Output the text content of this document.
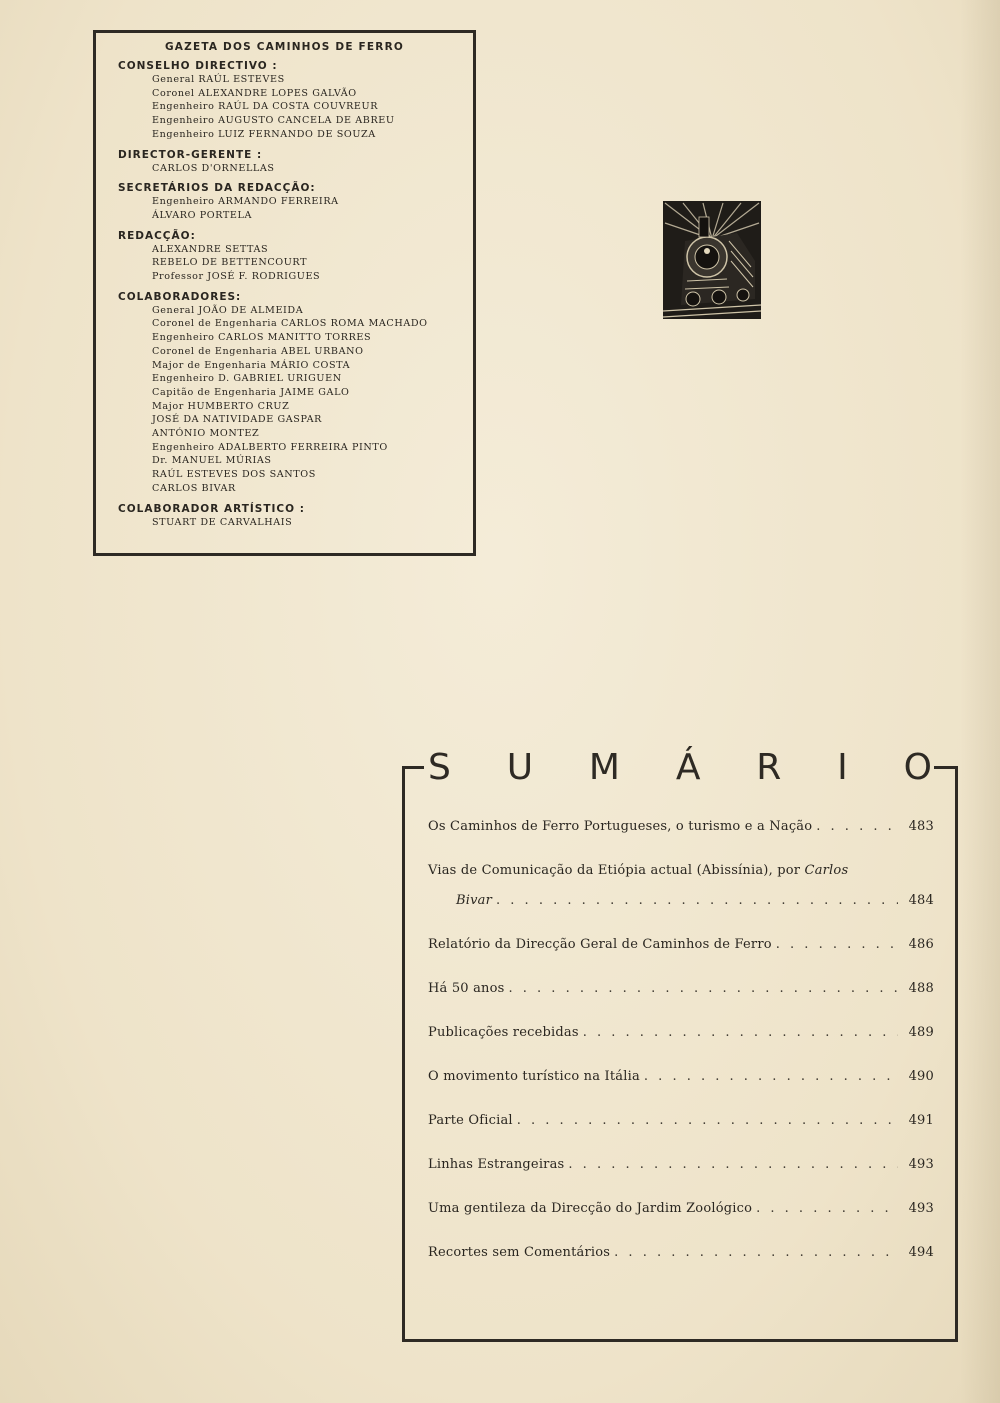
GAZETA DOS CAMINHOS DE FERRO
CONSELHO DIRECTIVO :
General RAÚL ESTEVES
Coronel ALEXANDRE LOPES GALVÃO
Engenheiro RAÚL DA COSTA COUVREUR
Engenheiro AUGUSTO CANCELA DE ABREU
Engenheiro LUIZ FERNANDO DE SOUZA
DIRECTOR-GERENTE :
CARLOS D'ORNELLAS
SECRETÁRIOS DA REDACÇÃO:
Engenheiro ARMANDO FERREIRA
ÁLVARO PORTELA
REDACÇÃO:
ALEXANDRE SETTAS
REBELO DE BETTENCOURT
Professor JOSÉ F. RODRIGUES
COLABORADORES:
General JOÃO DE ALMEIDA
Coronel de Engenharia CARLOS ROMA MACHADO
Engenheiro CARLOS MANITTO TORRES
Coronel de Engenharia ABEL URBANO
Major de Engenharia MÁRIO COSTA
Engenheiro D. GABRIEL URIGUEN
Capitão de Engenharia JAIME GALO
Major HUMBERTO CRUZ
JOSÉ DA NATIVIDADE GASPAR
ANTÓNIO MONTEZ
Engenheiro ADALBERTO FERREIRA PINTO
Dr. MANUEL MÚRIAS
RAÚL ESTEVES DOS SANTOS
CARLOS BIVAR
COLABORADOR ARTÍSTICO :
STUART DE CARVALHAIS
S U M Á R I O
Os Caminhos de Ferro Portugueses, o turismo e a Nação . . .	483
Vias de Comunicação da Etiópia actual (Abissínia), por Carlos
Bivar . . .	484
Relatório da Direcção Geral de Caminhos de Ferro . . .	486
Há 50 anos . . .	488
Publicações recebidas . . .	489
O movimento turístico na Itália . . .	490
Parte Oficial . . .	491
Linhas Estrangeiras . . .	493
Uma gentileza da Direcção do Jardim Zoológico . . .	493
Recortes sem Comentários . . .	494
